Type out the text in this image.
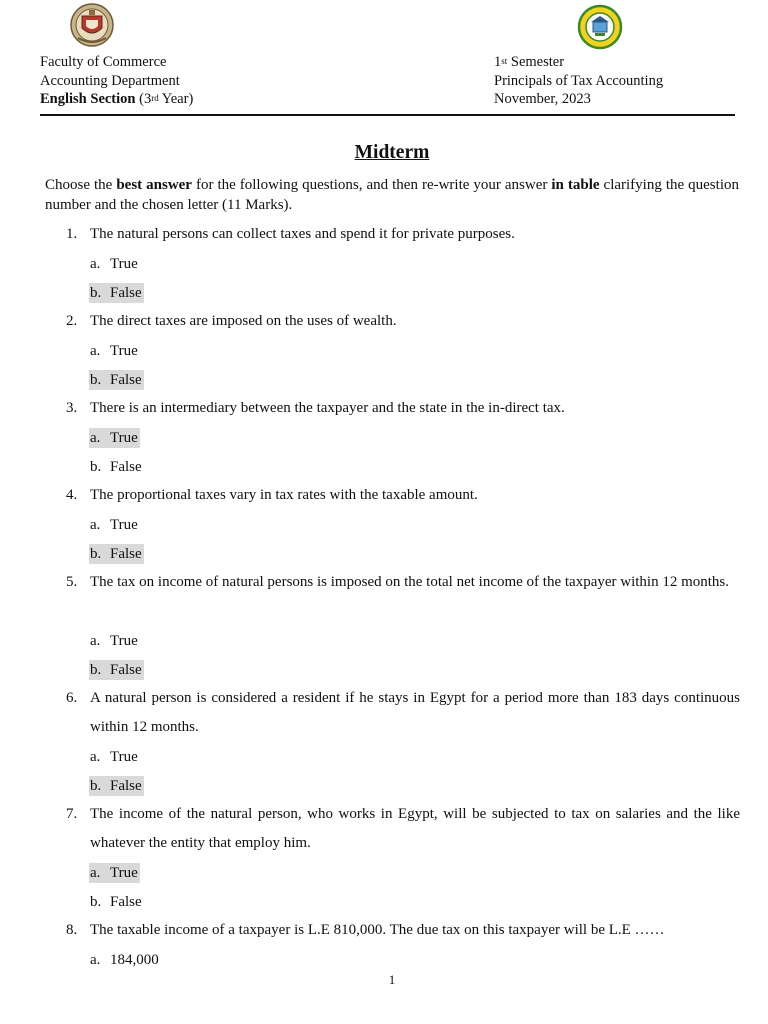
Faculty of Commerce
Accounting Department
English Section (3rd Year)
1st Semester
Principals of Tax Accounting
November, 2023
Midterm
Choose the best answer for the following questions, and then re-write your answer in table clarifying the question number and the chosen letter (11 Marks).
1. The natural persons can collect taxes and spend it for private purposes.
a. True
b. False
2. The direct taxes are imposed on the uses of wealth.
a. True
b. False
3. There is an intermediary between the taxpayer and the state in the in-direct tax.
a. True
b. False
4. The proportional taxes vary in tax rates with the taxable amount.
a. True
b. False
5. The tax on income of natural persons is imposed on the total net income of the taxpayer within 12 months.
a. True
b. False
6. A natural person is considered a resident if he stays in Egypt for a period more than 183 days continuous within 12 months.
a. True
b. False
7. The income of the natural person, who works in Egypt, will be subjected to tax on salaries and the like whatever the entity that employ him.
a. True
b. False
8. The taxable income of a taxpayer is L.E 810,000. The due tax on this taxpayer will be L.E ……
a. 184,000
1
